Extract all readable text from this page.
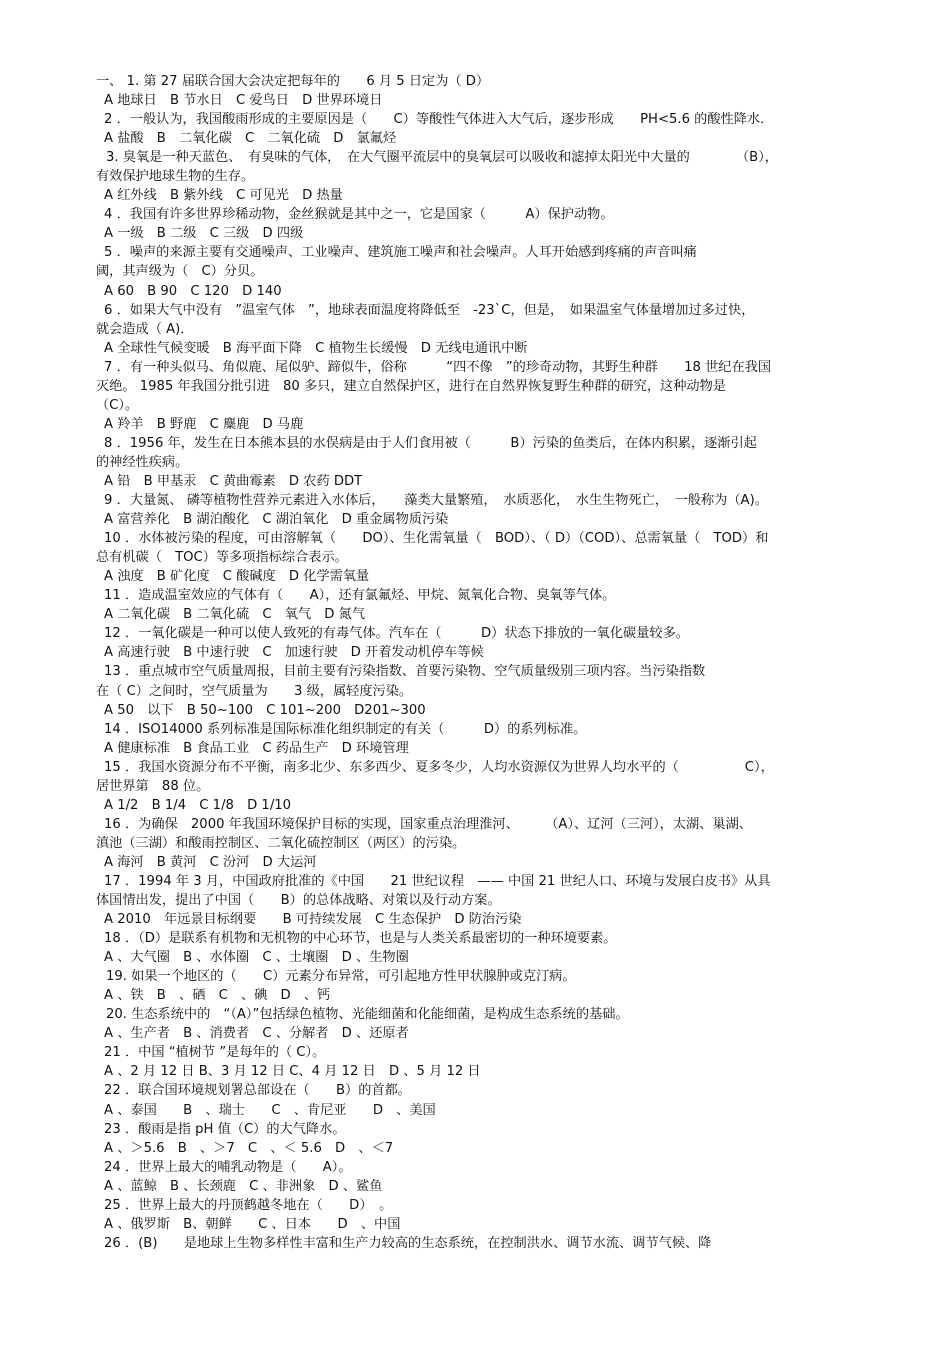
一、 1. 第 27 届联合国大会决定把每年的　　6 月 5 日定为（ D）
A 地球日　B 节水日　C 爱鸟日　D 世界环境日
2 ．一般认为，我国酸雨形成的主要原因是（　　C）等酸性气体进入大气后，逐步形成　　PH<5.6 的酸性降水．
A 盐酸　B　二氧化碳　C　二氧化硫　D　氯氟烃
3. 臭氧是一种天蓝色、　有臭味的气体，　在大气圈平流层中的臭氧层可以吸收和滤掉太阳光中大量的　　　　（B），
有效保护地球生物的生存。
A 红外线　B 紫外线　C 可见光　D 热量
4 ．我国有许多世界珍稀动物，金丝猴就是其中之一，它是国家（　　　A）保护动物。
A 一级　B 二级　C 三级　D 四级
5 ．噪声的来源主要有交通噪声、工业噪声、建筑施工噪声和社会噪声。人耳开始感到疼痛的声音叫痛
阈，其声级为（　C）分贝。
A 60　B 90　C 120　D 140
6 ．如果大气中没有　”温室气体　”，地球表面温度将降低至　-23`C，但是，　如果温室气体量增加过多过快，
就会造成（ A)．
A 全球性气候变暖　B 海平面下降　C 植物生长缓慢　D 无线电通讯中断
7 ．有一种头似马、角似鹿、尾似驴、蹄似牛，俗称　　　“四不像　”的珍奇动物，其野生种群　　18 世纪在我国
灭绝。 1985 年我国分批引进　80 多只，建立自然保护区，进行在自然界恢复野生种群的研究，这种动物是
（C）。
A 羚羊　B 野鹿　C 麋鹿　D 马鹿
8 ．1956 年，发生在日本熊本县的水俣病是由于人们食用被（　　　B）污染的鱼类后，在体内积累，逐渐引起
的神经性疾病。
A 铅　B 甲基汞　C 黄曲霉素　D 农药 DDT
9 ．大量氮、 磷等植物性营养元素进入水体后，　　藻类大量繁殖，　水质恶化，　水生生物死亡，　一般称为（A)。
A 富营养化　B 湖泊酸化　C 湖泊氧化　D 重金属物质污染
10 ．水体被污染的程度，可由溶解氧（　　DO）、生化需氧量（　BOD）、（ D）（COD）、总需氧量（　TOD）和
总有机碳（　TOC）等多项指标综合表示。
A 浊度　B 矿化度　C 酸碱度　D 化学需氧量
11 ．造成温室效应的气体有（　　A），还有氯氟烃、甲烷、氮氧化合物、臭氧等气体。
A 二氧化碳　B 二氧化硫　C　氧气　D 氮气
12 ．一氧化碳是一种可以使人致死的有毒气体。汽车在（　　　D）状态下排放的一氧化碳量较多。
A 高速行驶　B 中速行驶　C　加速行驶　D 开着发动机停车等候
13 ．重点城市空气质量周报，目前主要有污染指数、首要污染物、空气质量级别三项内容。当污染指数
在（ C）之间时，空气质量为　　3 级，属轻度污染。
A 50　以下　B 50~100　C 101~200　D201~300
14 ．ISO14000 系列标准是国际标准化组织制定的有关（　　　D）的系列标准。
A 健康标准　B 食品工业　C 药品生产　D 环境管理
15 ．我国水资源分布不平衡，南多北少、东多西少、夏多冬少，人均水资源仅为世界人均水平的（　　　　　C），
居世界第　88 位。
A 1/2　B 1/4　C 1/8　D 1/10
16 ．为确保　2000 年我国环境保护目标的实现，国家重点治理淮河、　　　（A）、辽河（三河），太湖、巢湖、
滇池（三湖）和酸雨控制区、二氧化硫控制区（两区）的污染。
A 海河　B 黄河　C 汾河　D 大运河
17 ．1994 年 3 月，中国政府批准的《中国　　21 世纪议程　—— 中国 21 世纪人口、环境与发展白皮书》从具
体国情出发，提出了中国（　　B）的总体战略、对策以及行动方案。
A 2010　年远景目标纲要　　B 可持续发展　C 生态保护　D 防治污染
18 ．（D）是联系有机物和无机物的中心环节，也是与人类关系最密切的一种环境要素。
A 、大气圈　B 、水体圈　C 、土壤圈　D 、生物圈
19. 如果一个地区的（　　C）元素分布异常，可引起地方性甲状腺肿或克汀病。
A 、铁　B　、硒　C　、碘　D　、钙
20. 生态系统中的　“（A）”包括绿色植物、光能细菌和化能细菌，是构成生态系统的基础。
A 、生产者　B 、消费者　C 、分解者　D 、还原者
21 ．中国 “植树节 ”是每年的（ C）。
A 、2 月 12 日 B、3 月 12 日 C、4 月 12 日　D 、5 月 12 日
22 ．联合国环境规划署总部设在（　　B）的首都。
A 、泰国　　B　、瑞士　　C　、肯尼亚　　D　、美国
23 ．酸雨是指 pH 值（C）的大气降水。
A 、＞5.6　B　、＞7　C　、＜ 5.6　D　、＜7
24 ．世界上最大的哺乳动物是（　　A）。
A 、蓝鲸　B 、长颈鹿　C 、非洲象　D 、鲨鱼
25 ．世界上最大的丹顶鹤越冬地在（　　D）　。
A 、俄罗斯　B、朝鲜　　C 、日本　　D　、中国
26 ．(B)　　是地球上生物多样性丰富和生产力较高的生态系统，在控制洪水、调节水流、调节气候、降
